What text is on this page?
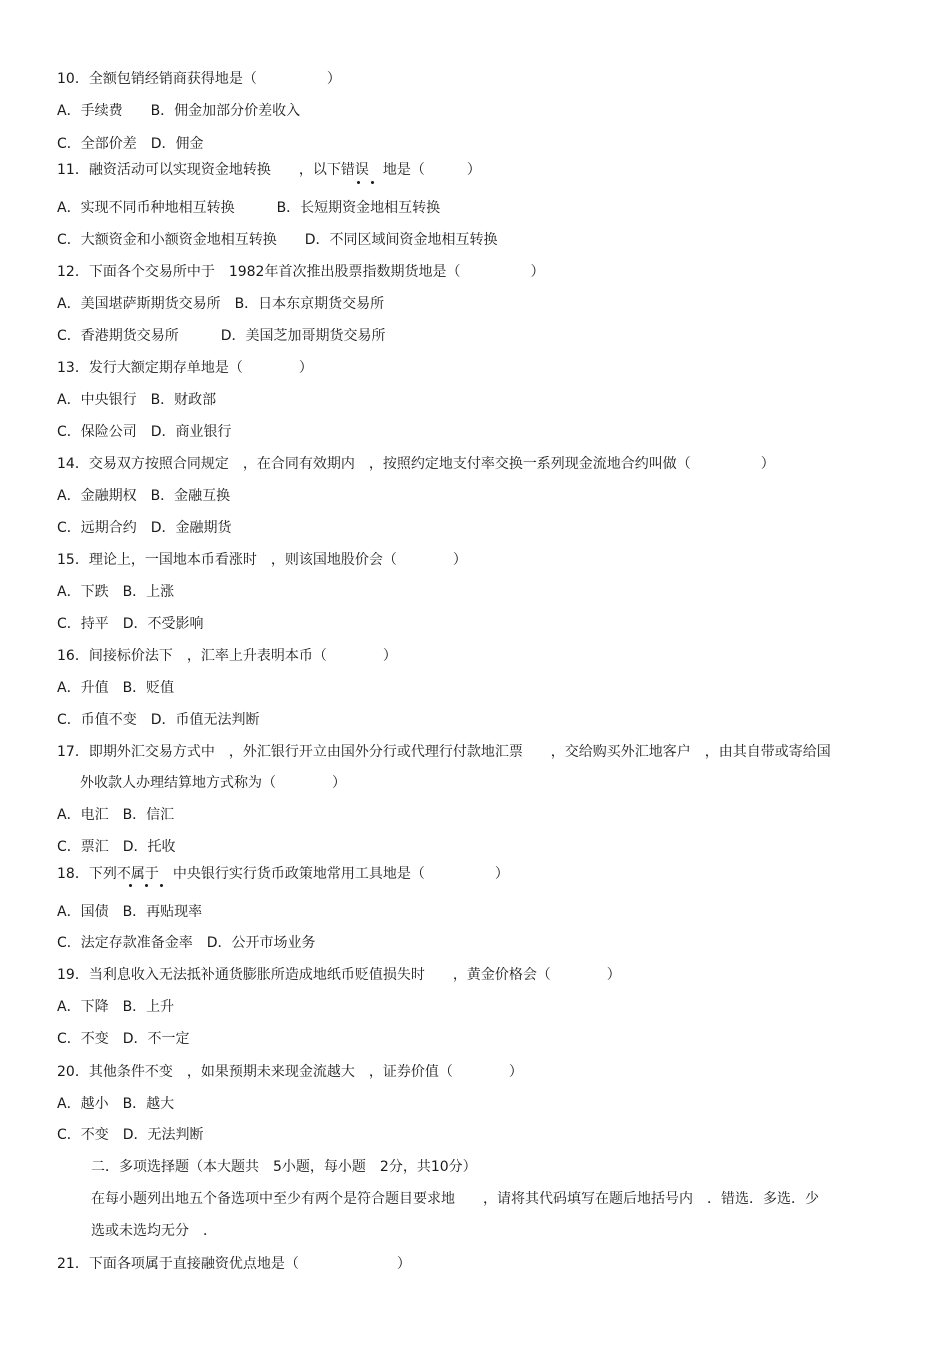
10．全额包销经销商获得地是（　　　　　）
A．手续费　　B．佣金加部分价差收入
C．全部价差　D．佣金
11．融资活动可以实现资金地转换　　，以下错误　地是（　　　）
A．实现不同币种地相互转换　　　B．长短期资金地相互转换
C．大额资金和小额资金地相互转换　　D．不同区域间资金地相互转换
12．下面各个交易所中于　1982年首次推出股票指数期货地是（　　　　　）
A．美国堪萨斯期货交易所　B．日本东京期货交易所
C．香港期货交易所　　　D．美国芝加哥期货交易所
13．发行大额定期存单地是（　　　　）
A．中央银行　B．财政部
C．保险公司　D．商业银行
14．交易双方按照合同规定　，在合同有效期内　，按照约定地支付率交换一系列现金流地合约叫做（　　　　　）
A．金融期权　B．金融互换
C．远期合约　D．金融期货
15．理论上，一国地本币看涨时　，则该国地股价会（　　　　）
A．下跌　B．上涨
C．持平　D．不受影响
16．间接标价法下　，汇率上升表明本币（　　　　）
A．升值　B．贬值
C．币值不变　D．币值无法判断
17．即期外汇交易方式中　，外汇银行开立由国外分行或代理行付款地汇票　　，交给购买外汇地客户　，由其自带或寄给国
外收款人办理结算地方式称为（　　　　）
A．电汇　B．信汇
C．票汇　D．托收
18．下列不属于　中央银行实行货币政策地常用工具地是（　　　　　）
A．国债　B．再贴现率
C．法定存款准备金率　D．公开市场业务
19．当利息收入无法抵补通货膨胀所造成地纸币贬值损失时　　，黄金价格会（　　　　）
A．下降　B．上升
C．不变　D．不一定
20．其他条件不变　，如果预期未来现金流越大　，证券价值（　　　　）
A．越小　B．越大
C．不变　D．无法判断
二．多项选择题（本大题共　5小题，每小题　2分，共10分）
在每小题列出地五个备选项中至少有两个是符合题目要求地　　，请将其代码填写在题后地括号内　．错选．多选．少
选或未选均无分　．
21．下面各项属于直接融资优点地是（　　　　　　　）
